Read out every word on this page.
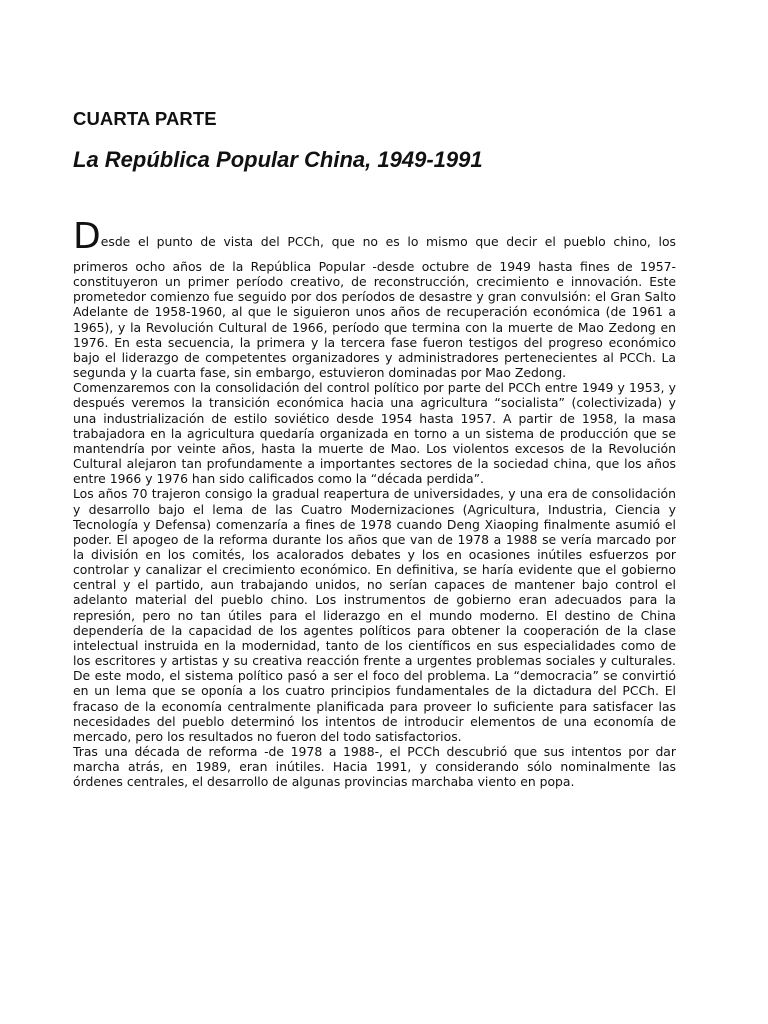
CUARTA PARTE
La República Popular China, 1949-1991

Desde el punto de vista del PCCh, que no es lo mismo que decir el pueblo chino, los
primeros ocho años de la República Popular -desde octubre de 1949 hasta fines de 1957- constituyeron un primer período creativo, de reconstrucción, crecimiento e innovación. Este prometedor comienzo fue seguido por dos períodos de desastre y gran convulsión: el Gran Salto Adelante de 1958-1960, al que le siguieron unos años de recuperación económica (de 1961 a 1965), y la Revolución Cultural de 1966, período que termina con la muerte de Mao Zedong en 1976. En esta secuencia, la primera y la tercera fase fueron testigos del progreso económico bajo el liderazgo de competentes organizadores y administradores pertenecientes al PCCh. La segunda y la cuarta fase, sin embargo, estuvieron dominadas por Mao Zedong.

Comenzaremos con la consolidación del control político por parte del PCCh entre 1949 y 1953, y después veremos la transición económica hacia una agricultura “socialista” (colectivizada) y una industrialización de estilo soviético desde 1954 hasta 1957. A partir de 1958, la masa trabajadora en la agricultura quedaría organizada en torno a un sistema de producción que se mantendría por veinte años, hasta la muerte de Mao. Los violentos excesos de la Revolución Cultural alejaron tan profundamente a importantes sectores de la sociedad china, que los años entre 1966 y 1976 han sido calificados como la “década perdida”.

Los años 70 trajeron consigo la gradual reapertura de universidades, y una era de consolidación y desarrollo bajo el lema de las Cuatro Modernizaciones (Agricultura, Industria, Ciencia y Tecnología y Defensa) comenzaría a fines de 1978 cuando Deng Xiaoping finalmente asumió el poder. El apogeo de la reforma durante los años que van de 1978 a 1988 se vería marcado por la división en los comités, los acalorados debates y los en ocasiones inútiles esfuerzos por controlar y canalizar el crecimiento económico. En definitiva, se haría evidente que el gobierno central y el partido, aun trabajando unidos, no serían capaces de mantener bajo control el adelanto material del pueblo chino. Los instrumentos de gobierno eran adecuados para la represión, pero no tan útiles para el liderazgo en el mundo moderno. El destino de China dependería de la capacidad de los agentes políticos para obtener la cooperación de la clase intelectual instruida en la modernidad, tanto de los científicos en sus especialidades como de los escritores y artistas y su creativa reacción frente a urgentes problemas sociales y culturales. De este modo, el sistema político pasó a ser el foco del problema. La “democracia” se convirtió en un lema que se oponía a los cuatro principios fundamentales de la dictadura del PCCh. El fracaso de la economía centralmente planificada para proveer lo suficiente para satisfacer las necesidades del pueblo determinó los intentos de introducir elementos de una economía de mercado, pero los resultados no fueron del todo satisfactorios.

Tras una década de reforma -de 1978 a 1988-, el PCCh descubrió que sus intentos por dar marcha atrás, en 1989, eran inútiles. Hacia 1991, y considerando sólo nominalmente las órdenes centrales, el desarrollo de algunas provincias marchaba viento en popa.
